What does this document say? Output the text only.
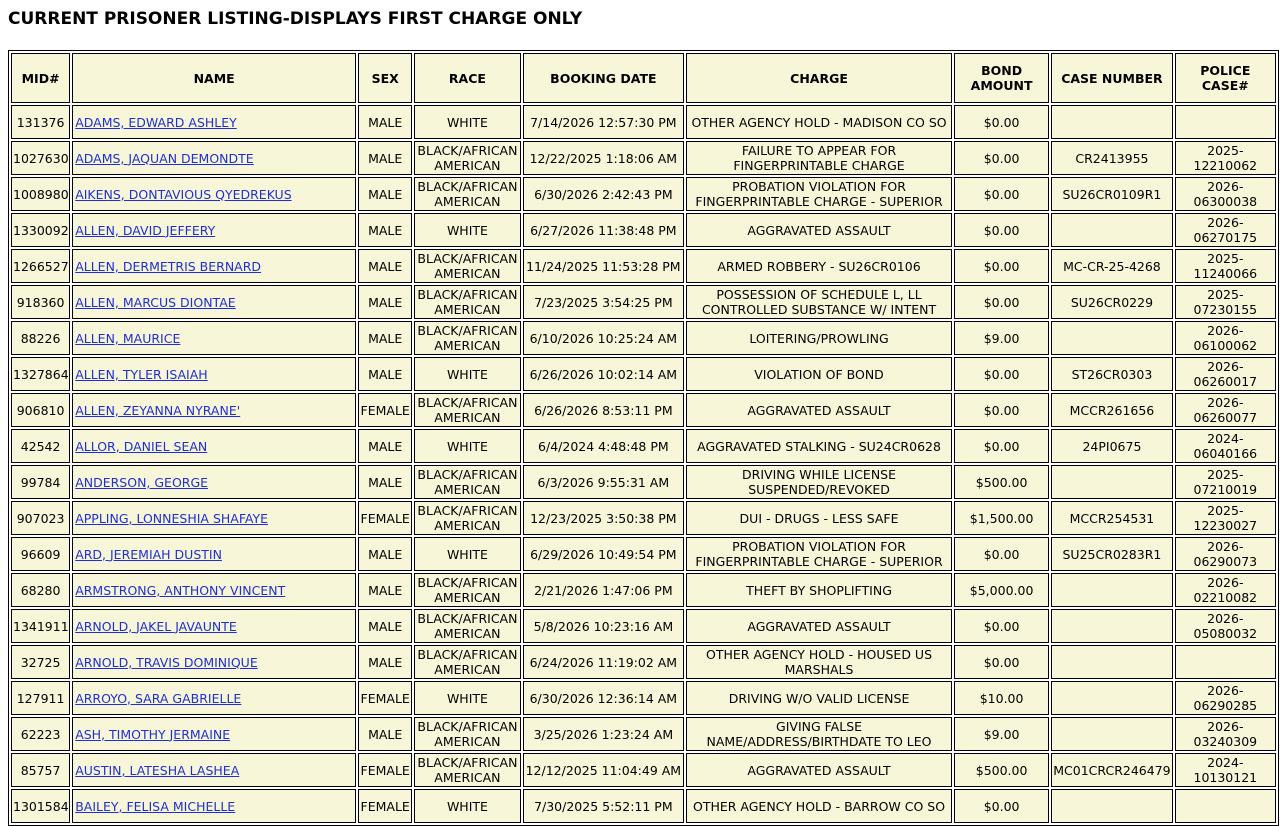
CURRENT PRISONER LISTING-DISPLAYS FIRST CHARGE ONLY
MID#	NAME	SEX	RACE	BOOKING DATE	CHARGE	BOND AMOUNT	CASE NUMBER	POLICE CASE#
131376	ADAMS, EDWARD ASHLEY	MALE	WHITE	7/14/2026 12:57:30 PM	OTHER AGENCY HOLD - MADISON CO SO	$0.00		
1027630	ADAMS, JAQUAN DEMONDTE	MALE	BLACK/AFRICAN AMERICAN	12/22/2025 1:18:06 AM	FAILURE TO APPEAR FOR FINGERPRINTABLE CHARGE	$0.00	CR2413955	2025-12210062
1008980	AIKENS, DONTAVIOUS QYEDREKUS	MALE	BLACK/AFRICAN AMERICAN	6/30/2026 2:42:43 PM	PROBATION VIOLATION FOR FINGERPRINTABLE CHARGE - SUPERIOR	$0.00	SU26CR0109R1	2026-06300038
1330092	ALLEN, DAVID JEFFERY	MALE	WHITE	6/27/2026 11:38:48 PM	AGGRAVATED ASSAULT	$0.00		2026-06270175
1266527	ALLEN, DERMETRIS BERNARD	MALE	BLACK/AFRICAN AMERICAN	11/24/2025 11:53:28 PM	ARMED ROBBERY - SU26CR0106	$0.00	MC-CR-25-4268	2025-11240066
918360	ALLEN, MARCUS DIONTAE	MALE	BLACK/AFRICAN AMERICAN	7/23/2025 3:54:25 PM	POSSESSION OF SCHEDULE L, LL CONTROLLED SUBSTANCE W/ INTENT	$0.00	SU26CR0229	2025-07230155
88226	ALLEN, MAURICE	MALE	BLACK/AFRICAN AMERICAN	6/10/2026 10:25:24 AM	LOITERING/PROWLING	$9.00		2026-06100062
1327864	ALLEN, TYLER ISAIAH	MALE	WHITE	6/26/2026 10:02:14 AM	VIOLATION OF BOND	$0.00	ST26CR0303	2026-06260017
906810	ALLEN, ZEYANNA NYRANE'	FEMALE	BLACK/AFRICAN AMERICAN	6/26/2026 8:53:11 PM	AGGRAVATED ASSAULT	$0.00	MCCR261656	2026-06260077
42542	ALLOR, DANIEL SEAN	MALE	WHITE	6/4/2024 4:48:48 PM	AGGRAVATED STALKING - SU24CR0628	$0.00	24PI0675	2024-06040166
99784	ANDERSON, GEORGE	MALE	BLACK/AFRICAN AMERICAN	6/3/2026 9:55:31 AM	DRIVING WHILE LICENSE SUSPENDED/REVOKED	$500.00		2025-07210019
907023	APPLING, LONNESHIA SHAFAYE	FEMALE	BLACK/AFRICAN AMERICAN	12/23/2025 3:50:38 PM	DUI - DRUGS - LESS SAFE	$1,500.00	MCCR254531	2025-12230027
96609	ARD, JEREMIAH DUSTIN	MALE	WHITE	6/29/2026 10:49:54 PM	PROBATION VIOLATION FOR FINGERPRINTABLE CHARGE - SUPERIOR	$0.00	SU25CR0283R1	2026-06290073
68280	ARMSTRONG, ANTHONY VINCENT	MALE	BLACK/AFRICAN AMERICAN	2/21/2026 1:47:06 PM	THEFT BY SHOPLIFTING	$5,000.00		2026-02210082
1341911	ARNOLD, JAKEL JAVAUNTE	MALE	BLACK/AFRICAN AMERICAN	5/8/2026 10:23:16 AM	AGGRAVATED ASSAULT	$0.00		2026-05080032
32725	ARNOLD, TRAVIS DOMINIQUE	MALE	BLACK/AFRICAN AMERICAN	6/24/2026 11:19:02 AM	OTHER AGENCY HOLD - HOUSED US MARSHALS	$0.00		
127911	ARROYO, SARA GABRIELLE	FEMALE	WHITE	6/30/2026 12:36:14 AM	DRIVING W/O VALID LICENSE	$10.00		2026-06290285
62223	ASH, TIMOTHY JERMAINE	MALE	BLACK/AFRICAN AMERICAN	3/25/2026 1:23:24 AM	GIVING FALSE NAME/ADDRESS/BIRTHDATE TO LEO	$9.00		2026-03240309
85757	AUSTIN, LATESHA LASHEA	FEMALE	BLACK/AFRICAN AMERICAN	12/12/2025 11:04:49 AM	AGGRAVATED ASSAULT	$500.00	MC01CRCR246479	2024-10130121
1301584	BAILEY, FELISA MICHELLE	FEMALE	WHITE	7/30/2025 5:52:11 PM	OTHER AGENCY HOLD - BARROW CO SO	$0.00		
